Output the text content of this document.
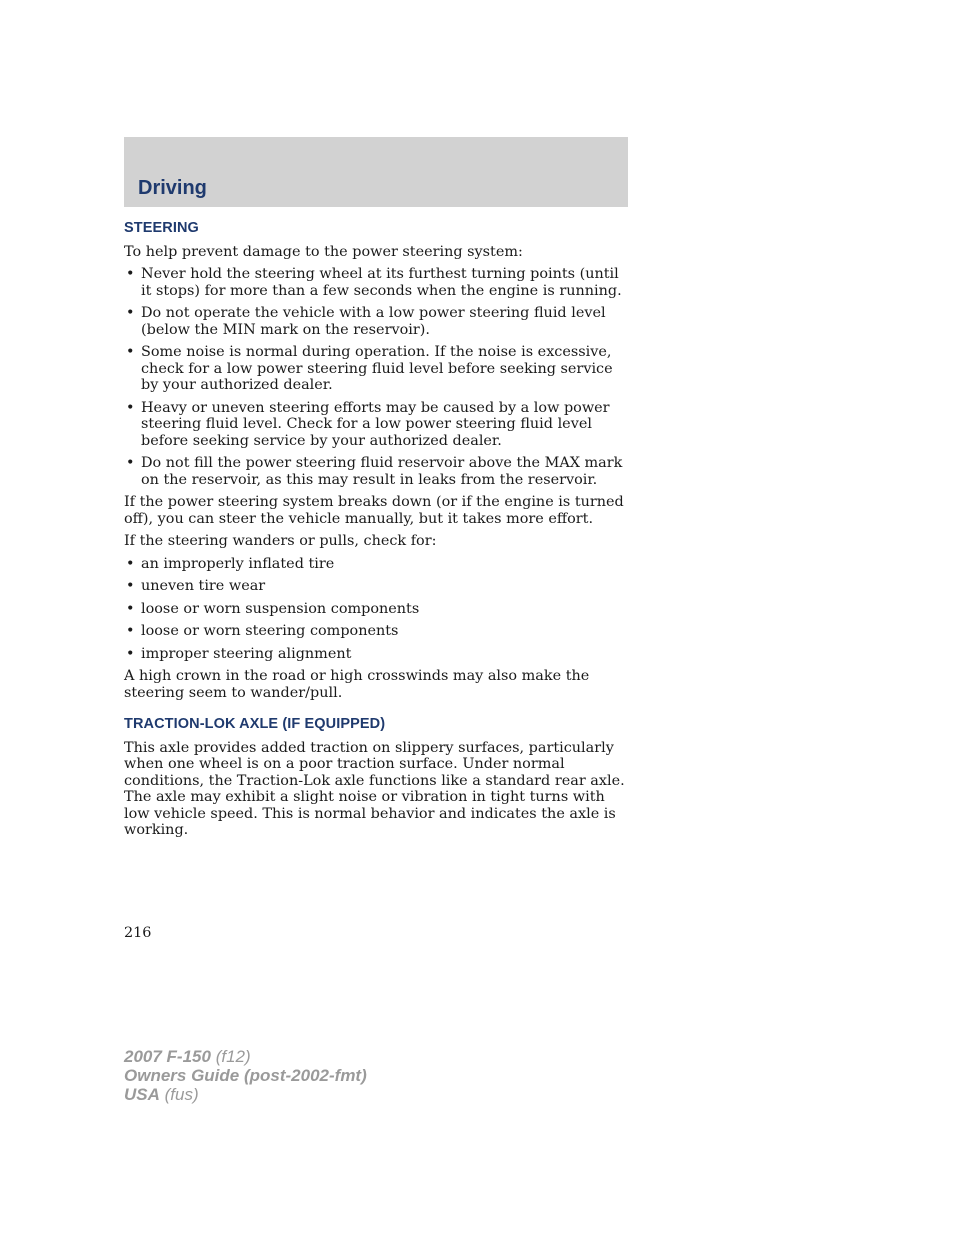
Driving
STEERING

To help prevent damage to the power steering system:

• Never hold the steering wheel at its furthest turning points (until it stops) for more than a few seconds when the engine is running.
• Do not operate the vehicle with a low power steering fluid level (below the MIN mark on the reservoir).
• Some noise is normal during operation. If the noise is excessive, check for a low power steering fluid level before seeking service by your authorized dealer.
• Heavy or uneven steering efforts may be caused by a low power steering fluid level. Check for a low power steering fluid level before seeking service by your authorized dealer.
• Do not fill the power steering fluid reservoir above the MAX mark on the reservoir, as this may result in leaks from the reservoir.

If the power steering system breaks down (or if the engine is turned off), you can steer the vehicle manually, but it takes more effort.

If the steering wanders or pulls, check for:

• an improperly inflated tire
• uneven tire wear
• loose or worn suspension components
• loose or worn steering components
• improper steering alignment

A high crown in the road or high crosswinds may also make the steering seem to wander/pull.

TRACTION-LOK AXLE (IF EQUIPPED)

This axle provides added traction on slippery surfaces, particularly when one wheel is on a poor traction surface. Under normal conditions, the Traction-Lok axle functions like a standard rear axle. The axle may exhibit a slight noise or vibration in tight turns with low vehicle speed. This is normal behavior and indicates the axle is working.

216
2007 F-150 (f12)
Owners Guide (post-2002-fmt)
USA (fus)
